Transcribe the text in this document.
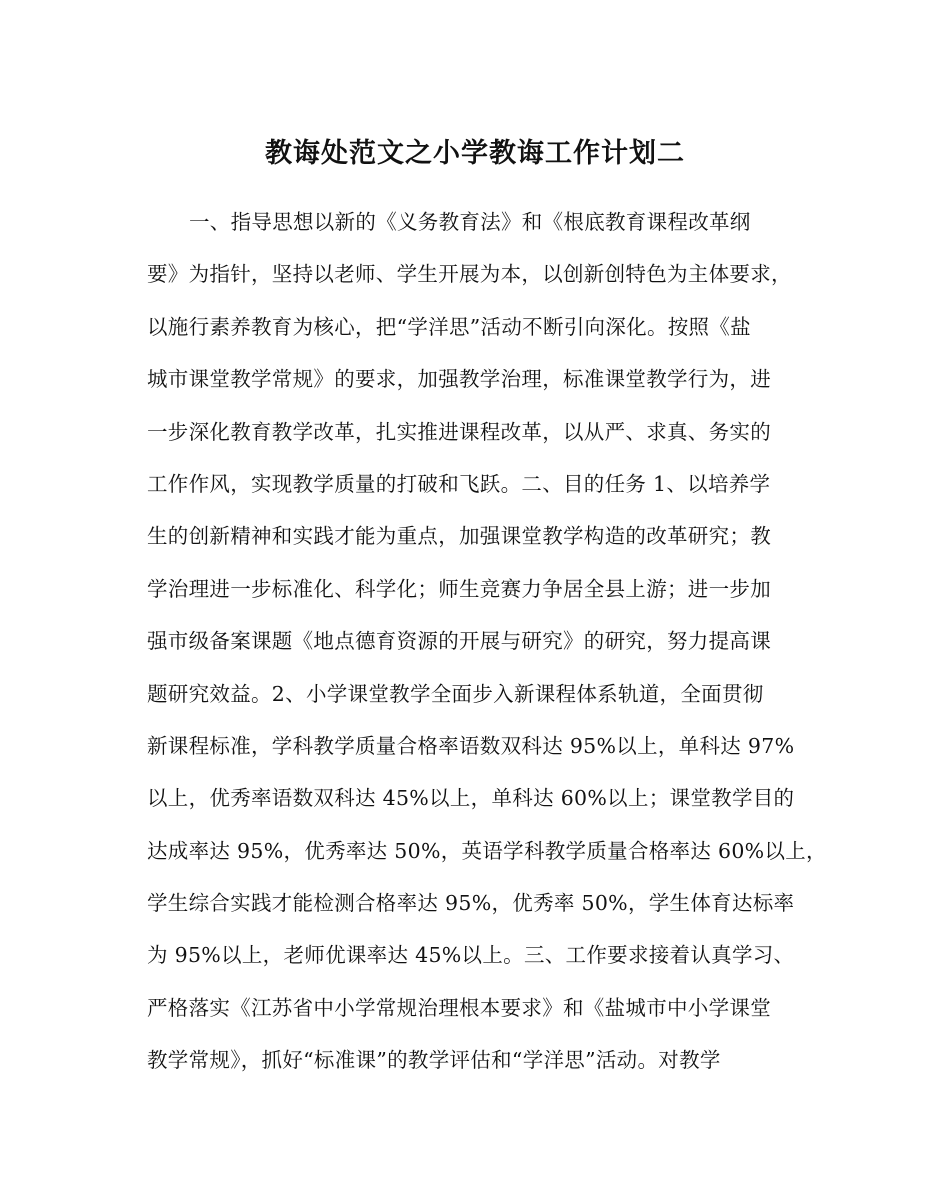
教诲处范文之小学教诲工作计划二
一、指导思想以新的《义务教育法》和《根底教育课程改革纲
要》为指针，坚持以老师、学生开展为本，以创新创特色为主体要求，
以施行素养教育为核心，把“学洋思”活动不断引向深化。按照《盐
城市课堂教学常规》的要求，加强教学治理，标准课堂教学行为，进
一步深化教育教学改革，扎实推进课程改革，以从严、求真、务实的
工作作风，实现教学质量的打破和飞跃。二、目的任务 1、以培养学
生的创新精神和实践才能为重点，加强课堂教学构造的改革研究；教
学治理进一步标准化、科学化；师生竞赛力争居全县上游；进一步加
强市级备案课题《地点德育资源的开展与研究》的研究，努力提高课
题研究效益。2、小学课堂教学全面步入新课程体系轨道，全面贯彻
新课程标准，学科教学质量合格率语数双科达 95%以上，单科达 97%
以上，优秀率语数双科达 45%以上，单科达 60%以上；课堂教学目的
达成率达 95%，优秀率达 50%，英语学科教学质量合格率达 60%以上，
学生综合实践才能检测合格率达 95%，优秀率 50%，学生体育达标率
为 95%以上，老师优课率达 45%以上。三、工作要求接着认真学习、
严格落实《江苏省中小学常规治理根本要求》和《盐城市中小学课堂
教学常规》，抓好“标准课”的教学评估和“学洋思”活动。对教学
